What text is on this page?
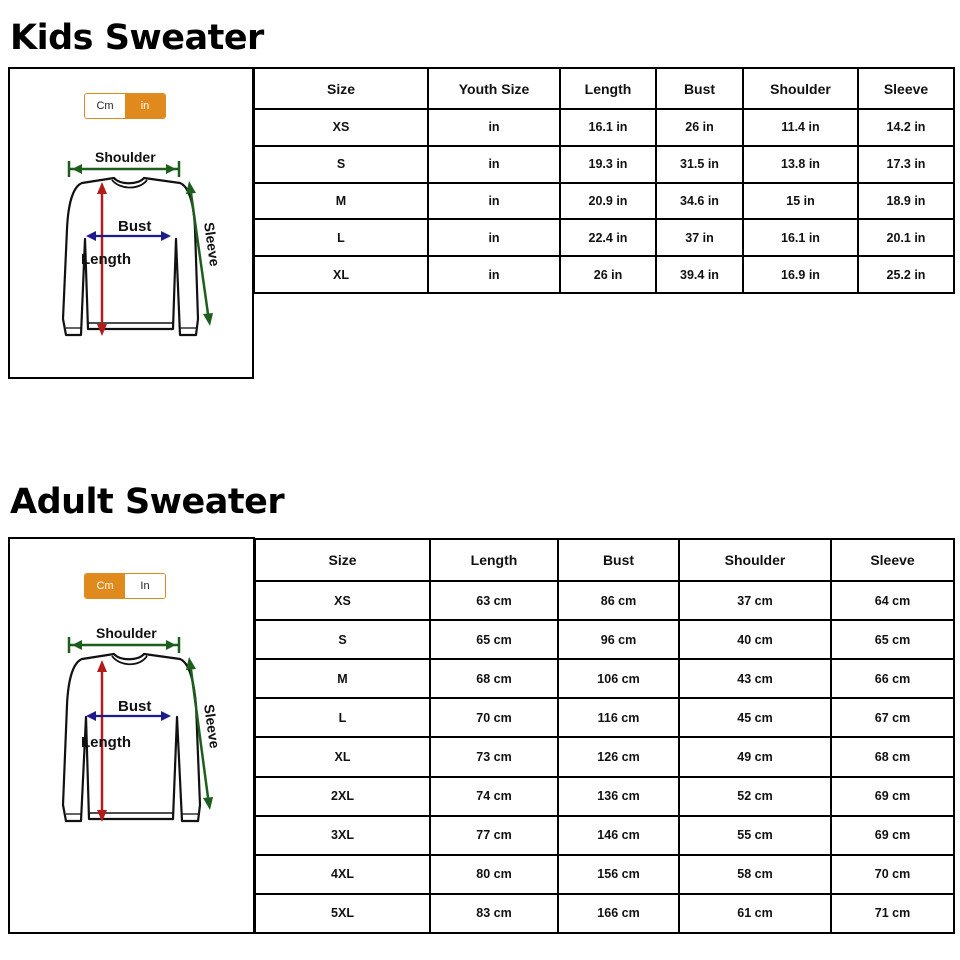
Kids Sweater
Cm	in
Shoulder
Length
Bust	Sleeve
Size	Youth Size	Length	Bust	Shoulder	Sleeve
XS	in	16.1 in	26 in	11.4 in	14.2 in
S	in	19.3 in	31.5 in	13.8 in	17.3 in
M	in	20.9 in	34.6 in	15 in	18.9 in
L	in	22.4 in	37 in	16.1 in	20.1 in
XL	in	26 in	39.4 in	16.9 in	25.2 in
Adult Sweater
Cm	In
Shoulder
Length
Bust	Sleeve
Size	Length	Bust	Shoulder	Sleeve
XS	63 cm	86 cm	37 cm	64 cm
S	65 cm	96 cm	40 cm	65 cm
M	68 cm	106 cm	43 cm	66 cm
L	70 cm	116 cm	45 cm	67 cm
XL	73 cm	126 cm	49 cm	68 cm
2XL	74 cm	136 cm	52 cm	69 cm
3XL	77 cm	146 cm	55 cm	69 cm
4XL	80 cm	156 cm	58 cm	70 cm
5XL	83 cm	166 cm	61 cm	71 cm
